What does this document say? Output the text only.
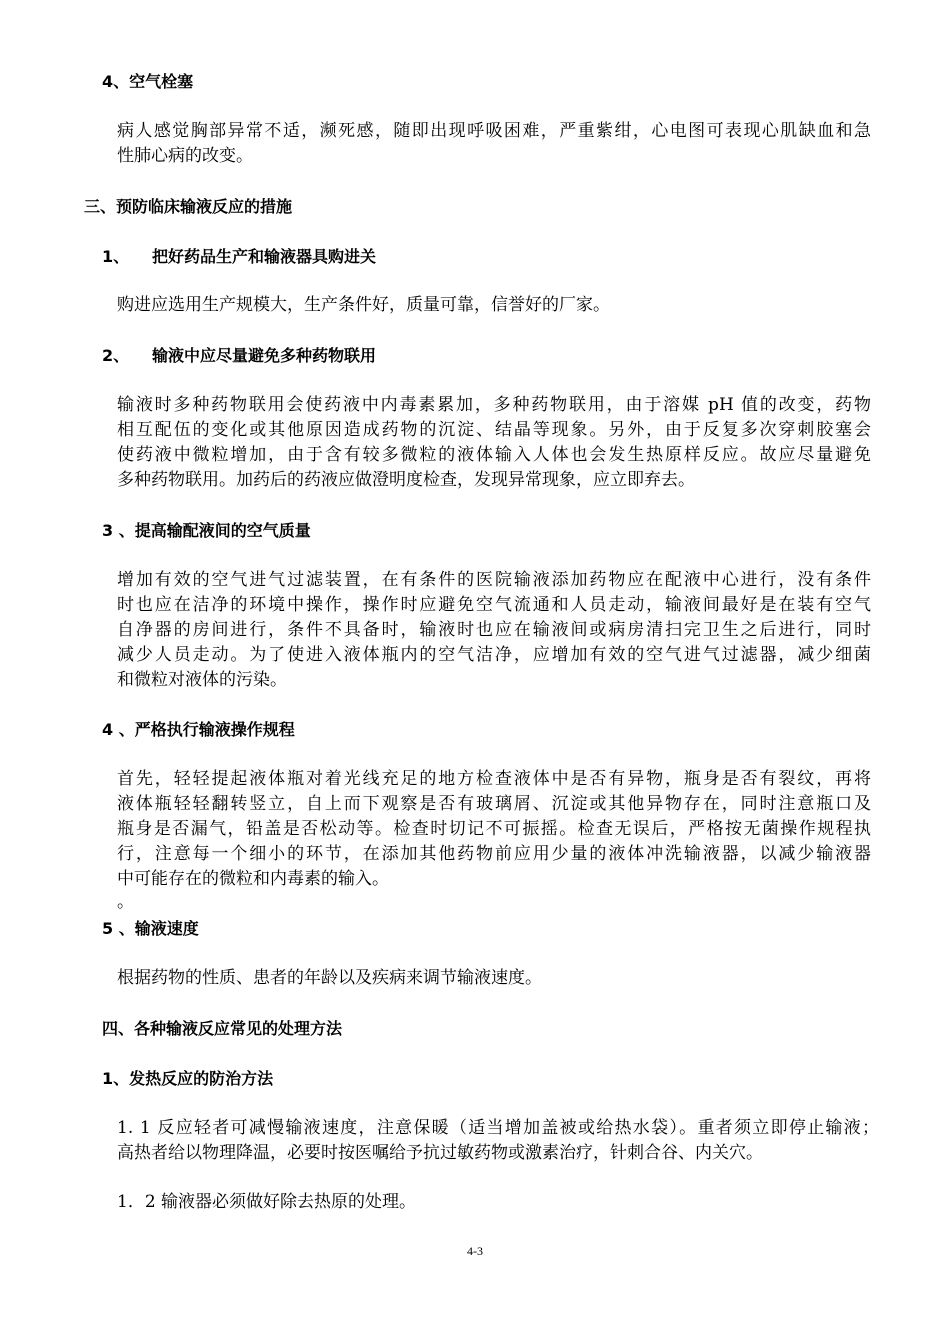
4、空气栓塞
病人感觉胸部异常不适，濒死感，随即出现呼吸困难，严重紫绀，心电图可表现心肌缺血和急
性肺心病的改变。
三、预防临床输液反应的措施
1、 把好药品生产和输液器具购进关
购进应选用生产规模大，生产条件好，质量可靠，信誉好的厂家。
2、 输液中应尽量避免多种药物联用
输液时多种药物联用会使药液中内毒素累加，多种药物联用，由于溶媒 pH 值的改变，药物
相互配伍的变化或其他原因造成药物的沉淀、结晶等现象。另外，由于反复多次穿刺胶塞会
使药液中微粒增加，由于含有较多微粒的液体输入人体也会发生热原样反应。故应尽量避免
多种药物联用。加药后的药液应做澄明度检查，发现异常现象，应立即弃去。
3 、提高输配液间的空气质量
增加有效的空气进气过滤装置，在有条件的医院输液添加药物应在配液中心进行，没有条件
时也应在洁净的环境中操作，操作时应避免空气流通和人员走动，输液间最好是在装有空气
自净器的房间进行，条件不具备时，输液时也应在输液间或病房清扫完卫生之后进行，同时
减少人员走动。为了使进入液体瓶内的空气洁净，应增加有效的空气进气过滤器，减少细菌
和微粒对液体的污染。
4 、严格执行输液操作规程
首先，轻轻提起液体瓶对着光线充足的地方检查液体中是否有异物，瓶身是否有裂纹，再将
液体瓶轻轻翻转竖立，自上而下观察是否有玻璃屑、沉淀或其他异物存在，同时注意瓶口及
瓶身是否漏气，铅盖是否松动等。检查时切记不可振摇。检查无误后，严格按无菌操作规程执
行，注意每一个细小的环节，在添加其他药物前应用少量的液体冲洗输液器，以减少输液器
中可能存在的微粒和内毒素的输入。
。
5 、输液速度
根据药物的性质、患者的年龄以及疾病来调节输液速度。
四、各种输液反应常见的处理方法
1、发热反应的防治方法
1. 1 反应轻者可减慢输液速度，注意保暖（适当增加盖被或给热水袋）。重者须立即停止输液；
高热者给以物理降温，必要时按医嘱给予抗过敏药物或激素治疗，针刺合谷、内关穴。
1．2 输液器必须做好除去热原的处理。
4-3
